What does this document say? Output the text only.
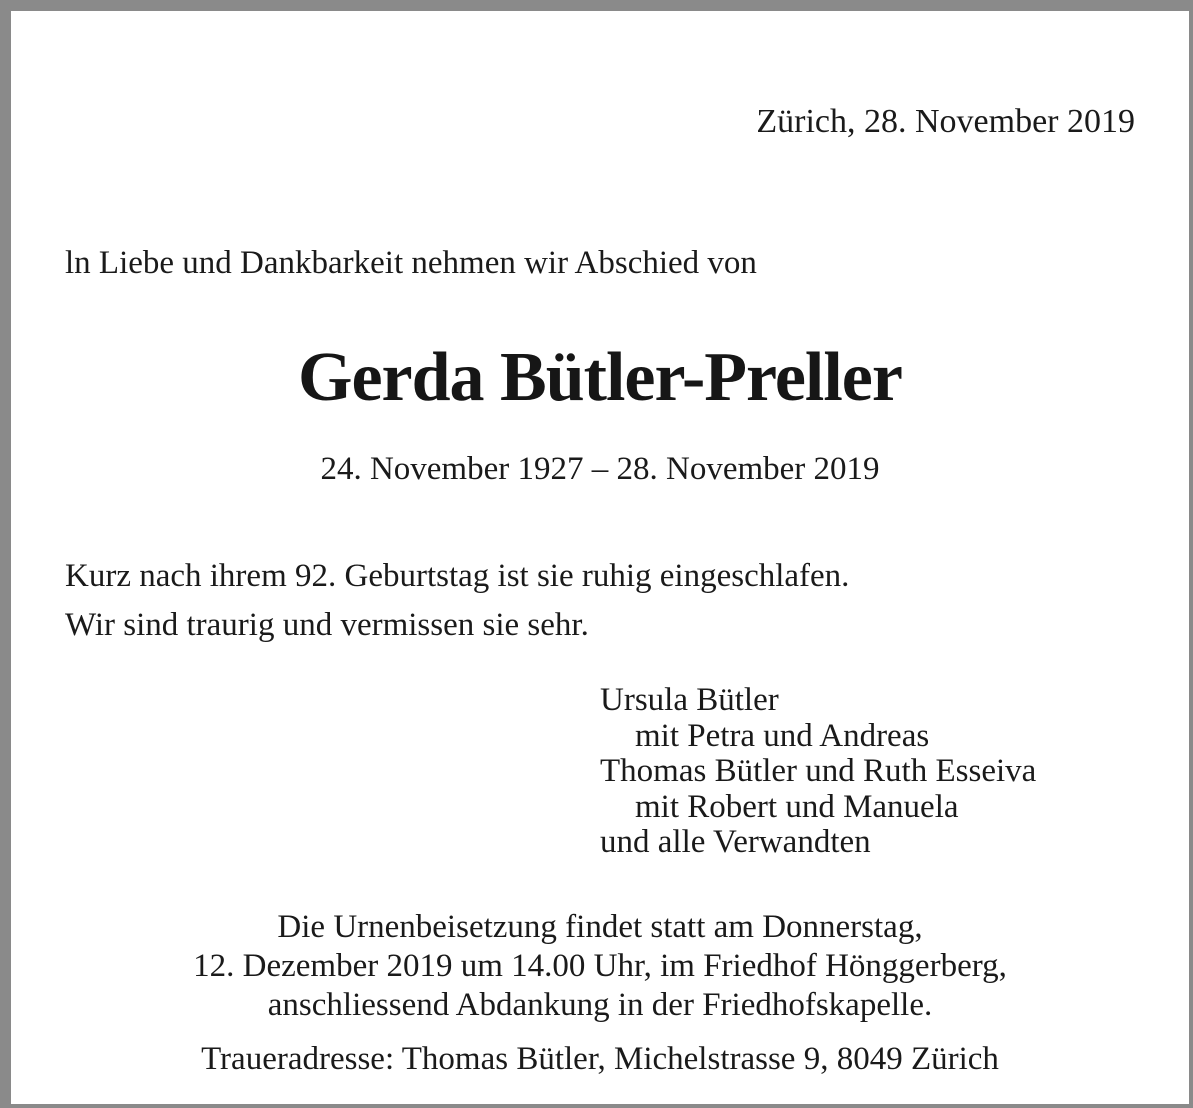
Zürich, 28. November 2019
ln Liebe und Dankbarkeit nehmen wir Abschied von
Gerda Bütler-Preller
24. November 1927 – 28. November 2019
Kurz nach ihrem 92. Geburtstag ist sie ruhig eingeschlafen.
Wir sind traurig und vermissen sie sehr.
Ursula Bütler
mit Petra und Andreas
Thomas Bütler und Ruth Esseiva
mit Robert und Manuela
und alle Verwandten
Die Urnenbeisetzung findet statt am Donnerstag,
12. Dezember 2019 um 14.00 Uhr, im Friedhof Hönggerberg,
anschliessend Abdankung in der Friedhofskapelle.
Traueradresse: Thomas Bütler, Michelstrasse 9, 8049 Zürich
